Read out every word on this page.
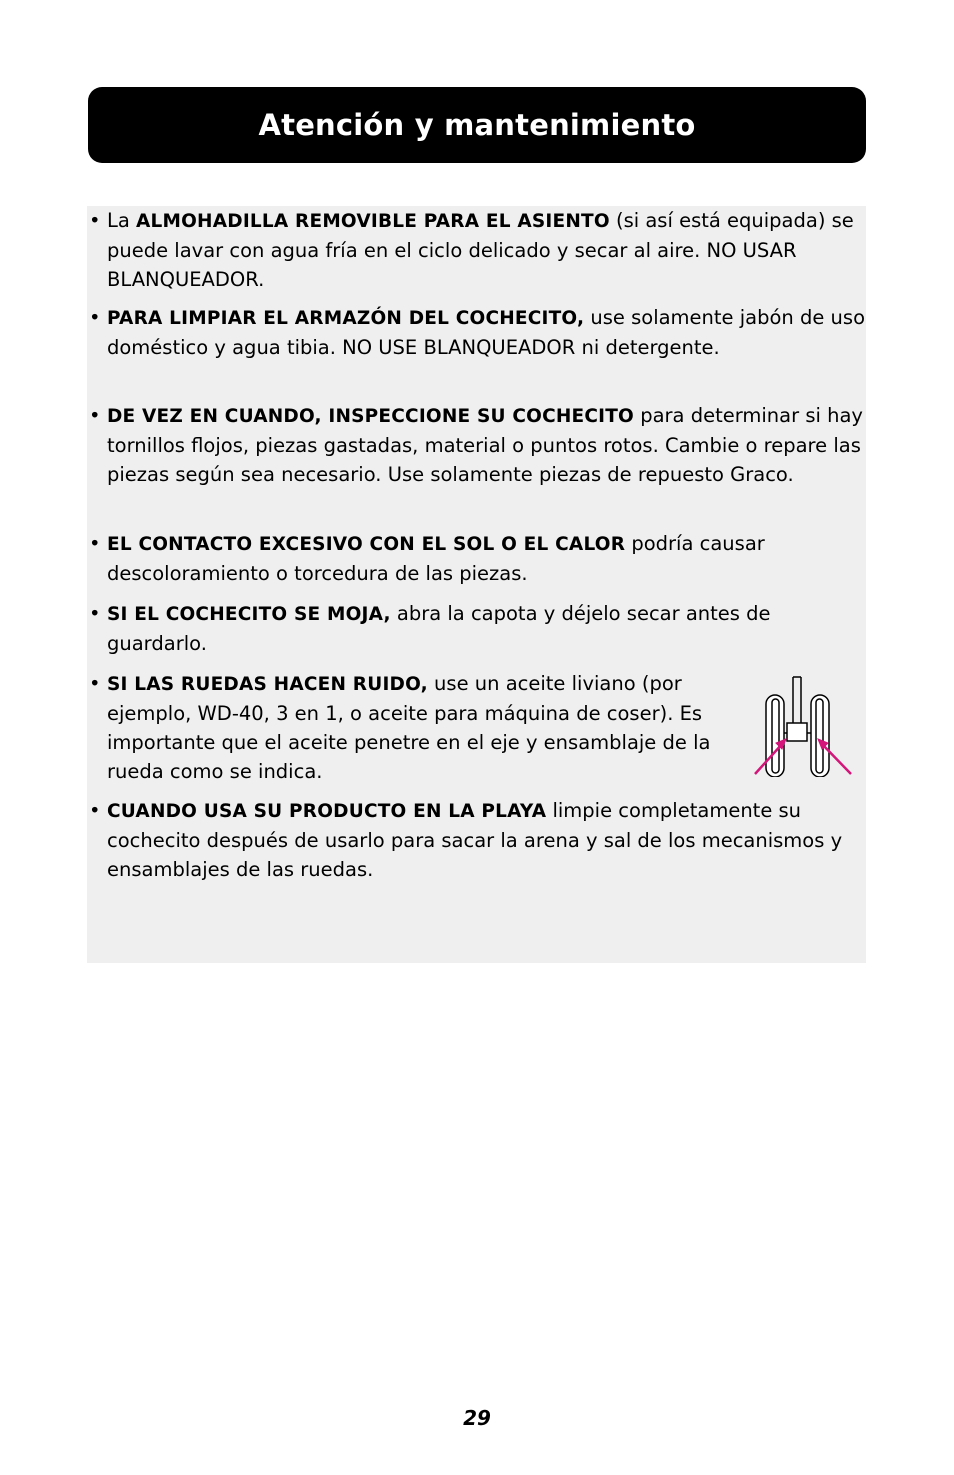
Atención y mantenimiento
• La ALMOHADILLA REMOVIBLE PARA EL ASIENTO (si así está equipada) se puede lavar con agua fría en el ciclo delicado y secar al aire. NO USAR BLANQUEADOR.
• PARA LIMPIAR EL ARMAZÓN DEL COCHECITO, use solamente jabón de uso doméstico y agua tibia. NO USE BLANQUEADOR ni detergente.
• DE VEZ EN CUANDO, INSPECCIONE SU COCHECITO para determinar si hay tornillos flojos, piezas gastadas, material o puntos rotos. Cambie o repare las piezas según sea necesario. Use solamente piezas de repuesto Graco.
• EL CONTACTO EXCESIVO CON EL SOL O EL CALOR podría causar descoloramiento o torcedura de las piezas.
• SI EL COCHECITO SE MOJA, abra la capota y déjelo secar antes de guardarlo.
• SI LAS RUEDAS HACEN RUIDO, use un aceite liviano (por ejemplo, WD-40, 3 en 1, o aceite para máquina de coser). Es importante que el aceite penetre en el eje y ensamblaje de la rueda como se indica.
• CUANDO USA SU PRODUCTO EN LA PLAYA limpie completamente su cochecito después de usarlo para sacar la arena y sal de los mecanismos y ensamblajes de las ruedas.
29
